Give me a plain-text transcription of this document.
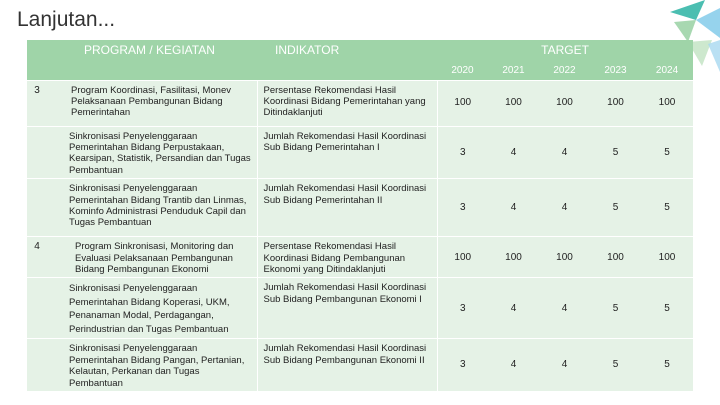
Lanjutan...
	PROGRAM / KEGIATAN	INDIKATOR	TARGET				
			2020	2021	2022	2023	2024
3	Program Koordinasi, Fasilitasi, Monev Pelaksanaan Pembangunan Bidang Pemerintahan	Persentase Rekomendasi Hasil Koordinasi Bidang Pemerintahan yang Ditindaklanjuti	100	100	100	100	100
	Sinkronisasi Penyelenggaraan Pemerintahan Bidang Perpustakaan, Kearsipan, Statistik, Persandian dan Tugas Pembantuan	Jumlah Rekomendasi Hasil Koordinasi Sub Bidang Pemerintahan I	3	4	4	5	5
	Sinkronisasi Penyelenggaraan Pemerintahan Bidang Trantib dan Linmas, Kominfo Administrasi Penduduk Capil dan Tugas Pembantuan	Jumlah Rekomendasi Hasil Koordinasi Sub Bidang Pemerintahan II	3	4	4	5	5
4	Program Sinkronisasi, Monitoring dan Evaluasi Pelaksanaan Pembangunan Bidang Pembangunan Ekonomi	Persentase Rekomendasi Hasil Koordinasi Bidang Pembangunan Ekonomi yang Ditindaklanjuti	100	100	100	100	100
	Sinkronisasi Penyelenggaraan Pemerintahan Bidang Koperasi, UKM, Penanaman Modal, Perdagangan, Perindustrian dan Tugas Pembantuan	Jumlah Rekomendasi Hasil Koordinasi Sub Bidang Pembangunan Ekonomi I	3	4	4	5	5
	Sinkronisasi Penyelenggaraan Pemerintahan Bidang Pangan, Pertanian, Kelautan, Perkanan dan Tugas Pembantuan	Jumlah Rekomendasi Hasil Koordinasi Sub Bidang Pembangunan Ekonomi II	3	4	4	5	5
